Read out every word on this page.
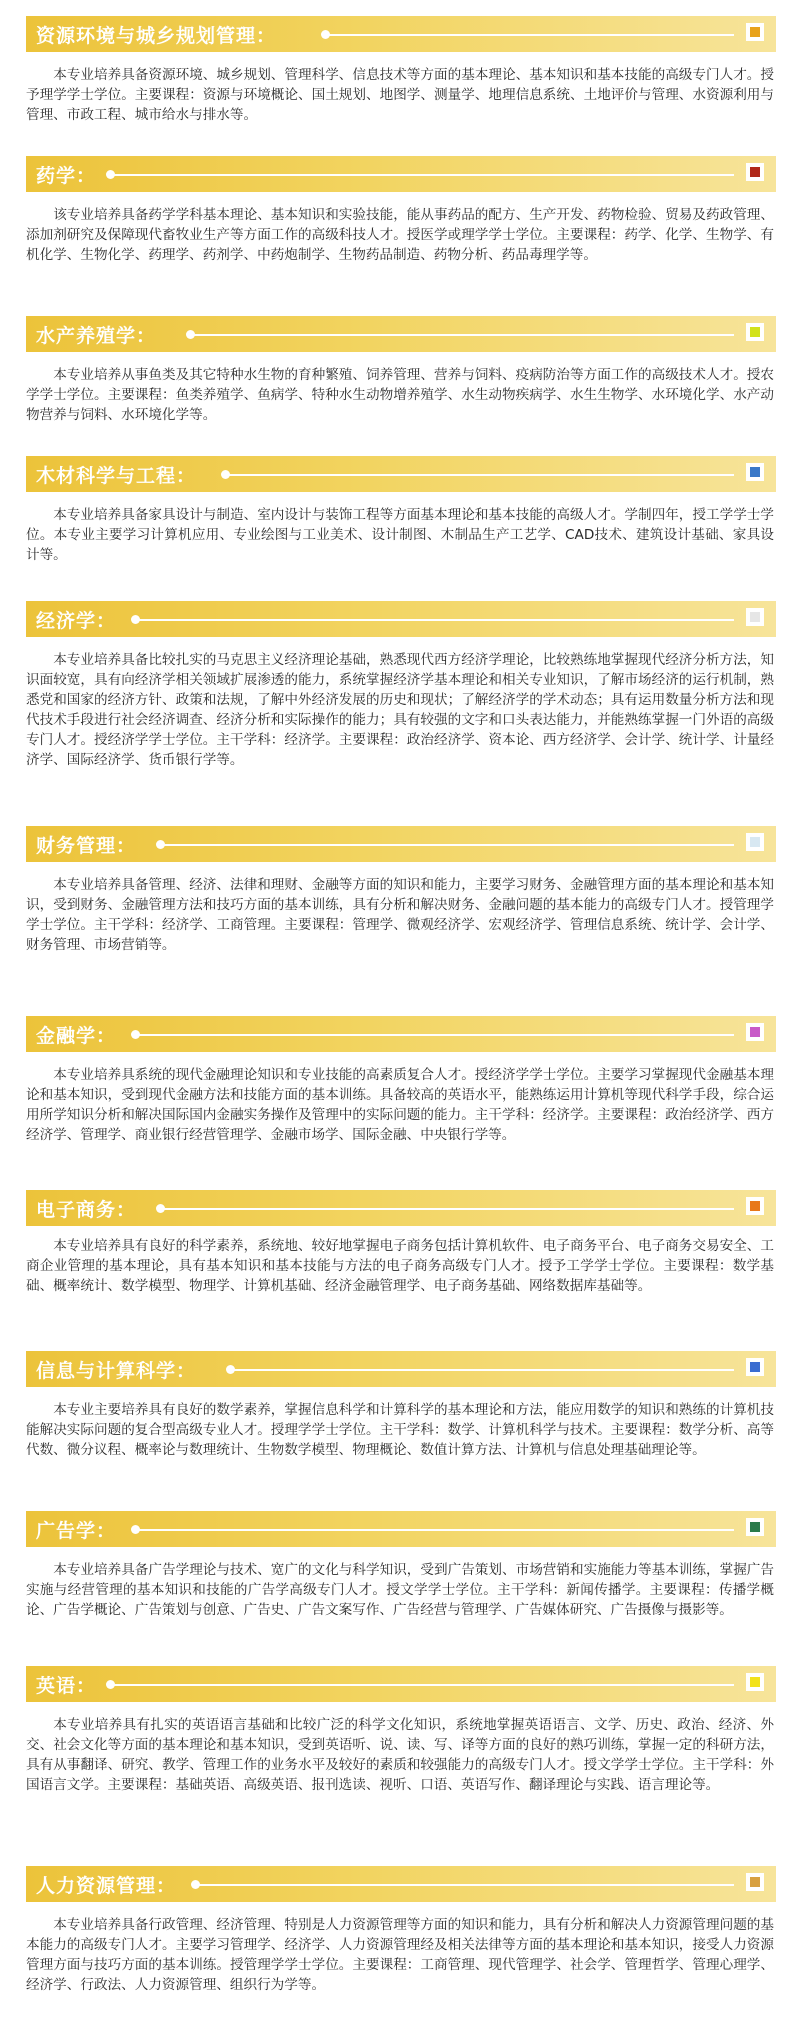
资源环境与城乡规划管理：

本专业培养具备资源环境、城乡规划、管理科学、信息技术等方面的基本理论、基本知识和基本技能的高级专门人才。授予理学学士学位。主要课程：资源与环境概论、国土规划、地图学、测量学、地理信息系统、土地评价与管理、水资源利用与管理、市政工程、城市给水与排水等。

药学：

该专业培养具备药学学科基本理论、基本知识和实验技能，能从事药品的配方、生产开发、药物检验、贸易及药政管理、添加剂研究及保障现代畜牧业生产等方面工作的高级科技人才。授医学或理学学士学位。主要课程：药学、化学、生物学、有机化学、生物化学、药理学、药剂学、中药炮制学、生物药品制造、药物分析、药品毒理学等。

水产养殖学：

本专业培养从事鱼类及其它特种水生物的育种繁殖、饲养管理、营养与饲料、疫病防治等方面工作的高级技术人才。授农学学士学位。主要课程：鱼类养殖学、鱼病学、特种水生动物增养殖学、水生动物疾病学、水生生物学、水环境化学、水产动物营养与饲料、水环境化学等。

木材科学与工程：

本专业培养具备家具设计与制造、室内设计与装饰工程等方面基本理论和基本技能的高级人才。学制四年，授工学学士学位。本专业主要学习计算机应用、专业绘图与工业美术、设计制图、木制品生产工艺学、CAD技术、建筑设计基础、家具设计等。

经济学：

本专业培养具备比较扎实的马克思主义经济理论基础，熟悉现代西方经济学理论，比较熟练地掌握现代经济分析方法，知识面较宽，具有向经济学相关领域扩展渗透的能力，系统掌握经济学基本理论和相关专业知识，了解市场经济的运行机制，熟悉党和国家的经济方针、政策和法规，了解中外经济发展的历史和现状；了解经济学的学术动态；具有运用数量分析方法和现代技术手段进行社会经济调查、经济分析和实际操作的能力；具有较强的文字和口头表达能力，并能熟练掌握一门外语的高级专门人才。授经济学学士学位。主干学科：经济学。主要课程：政治经济学、资本论、西方经济学、会计学、统计学、计量经济学、国际经济学、货币银行学等。

财务管理：

本专业培养具备管理、经济、法律和理财、金融等方面的知识和能力，主要学习财务、金融管理方面的基本理论和基本知识，受到财务、金融管理方法和技巧方面的基本训练，具有分析和解决财务、金融问题的基本能力的高级专门人才。授管理学学士学位。主干学科：经济学、工商管理。主要课程：管理学、微观经济学、宏观经济学、管理信息系统、统计学、会计学、财务管理、市场营销等。

金融学：

本专业培养具系统的现代金融理论知识和专业技能的高素质复合人才。授经济学学士学位。主要学习掌握现代金融基本理论和基本知识，受到现代金融方法和技能方面的基本训练。具备较高的英语水平，能熟练运用计算机等现代科学手段，综合运用所学知识分析和解决国际国内金融实务操作及管理中的实际问题的能力。主干学科：经济学。主要课程：政治经济学、西方经济学、管理学、商业银行经营管理学、金融市场学、国际金融、中央银行学等。

电子商务：

本专业培养具有良好的科学素养，系统地、较好地掌握电子商务包括计算机软件、电子商务平台、电子商务交易安全、工商企业管理的基本理论，具有基本知识和基本技能与方法的电子商务高级专门人才。授予工学学士学位。主要课程：数学基础、概率统计、数学模型、物理学、计算机基础、经济金融管理学、电子商务基础、网络数据库基础等。

信息与计算科学：

本专业主要培养具有良好的数学素养，掌握信息科学和计算科学的基本理论和方法，能应用数学的知识和熟练的计算机技能解决实际问题的复合型高级专业人才。授理学学士学位。主干学科：数学、计算机科学与技术。主要课程：数学分析、高等代数、微分议程、概率论与数理统计、生物数学模型、物理概论、数值计算方法、计算机与信息处理基础理论等。

广告学：

本专业培养具备广告学理论与技术、宽广的文化与科学知识，受到广告策划、市场营销和实施能力等基本训练，掌握广告实施与经营管理的基本知识和技能的广告学高级专门人才。授文学学士学位。主干学科：新闻传播学。主要课程：传播学概论、广告学概论、广告策划与创意、广告史、广告文案写作、广告经营与管理学、广告媒体研究、广告摄像与摄影等。

英语：

本专业培养具有扎实的英语语言基础和比较广泛的科学文化知识，系统地掌握英语语言、文学、历史、政治、经济、外交、社会文化等方面的基本理论和基本知识，受到英语听、说、读、写、译等方面的良好的熟巧训练，掌握一定的科研方法，具有从事翻译、研究、教学、管理工作的业务水平及较好的素质和较强能力的高级专门人才。授文学学士学位。主干学科：外国语言文学。主要课程：基础英语、高级英语、报刊选读、视听、口语、英语写作、翻译理论与实践、语言理论等。

人力资源管理：

本专业培养具备行政管理、经济管理、特别是人力资源管理等方面的知识和能力，具有分析和解决人力资源管理问题的基本能力的高级专门人才。主要学习管理学、经济学、人力资源管理经及相关法律等方面的基本理论和基本知识，接受人力资源管理方面与技巧方面的基本训练。授管理学学士学位。主要课程：工商管理、现代管理学、社会学、管理哲学、管理心理学、经济学、行政法、人力资源管理、组织行为学等。
